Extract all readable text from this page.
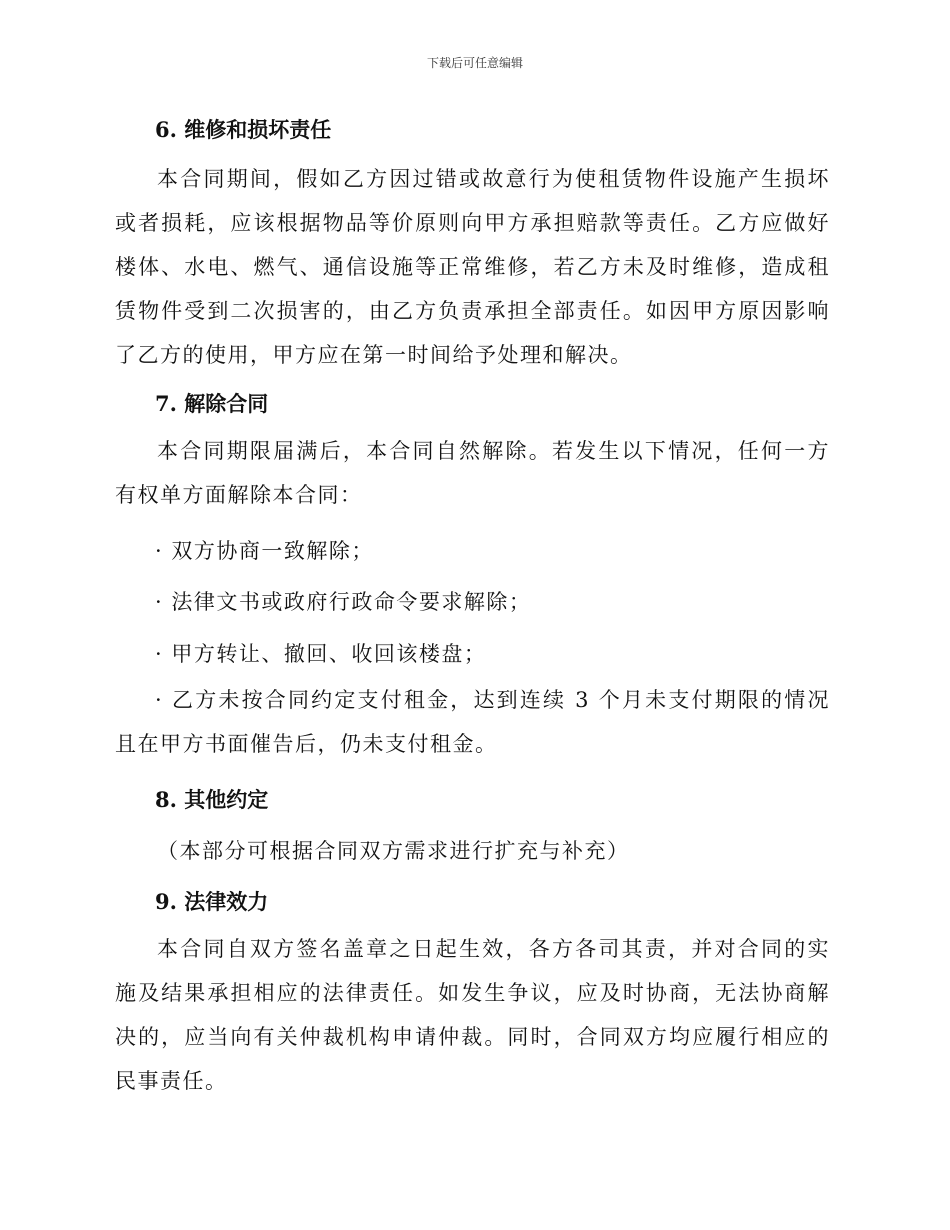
下载后可任意编辑
6. 维修和损坏责任
本合同期间，假如乙方因过错或故意行为使租赁物件设施产生损坏或者损耗，应该根据物品等价原则向甲方承担赔款等责任。乙方应做好楼体、水电、燃气、通信设施等正常维修，若乙方未及时维修，造成租赁物件受到二次损害的，由乙方负责承担全部责任。如因甲方原因影响了乙方的使用，甲方应在第一时间给予处理和解决。
7. 解除合同
本合同期限届满后，本合同自然解除。若发生以下情况，任何一方有权单方面解除本合同：
· 双方协商一致解除；
· 法律文书或政府行政命令要求解除；
· 甲方转让、撤回、收回该楼盘；
· 乙方未按合同约定支付租金，达到连续 3 个月未支付期限的情况且在甲方书面催告后，仍未支付租金。
8. 其他约定
（本部分可根据合同双方需求进行扩充与补充）
9. 法律效力
本合同自双方签名盖章之日起生效，各方各司其责，并对合同的实施及结果承担相应的法律责任。如发生争议，应及时协商，无法协商解决的，应当向有关仲裁机构申请仲裁。同时，合同双方均应履行相应的民事责任。
